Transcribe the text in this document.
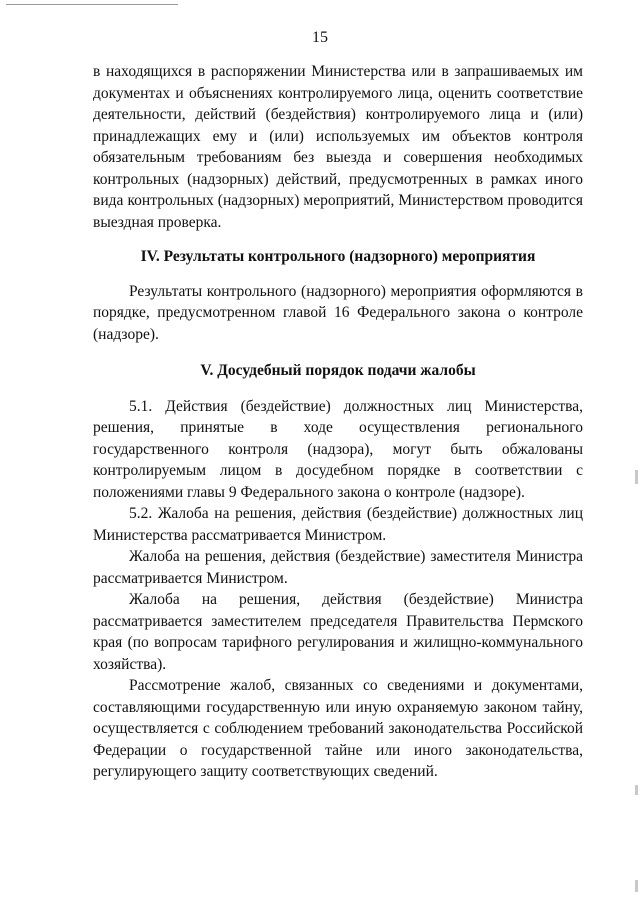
15

в находящихся в распоряжении Министерства или в запрашиваемых им документах и объяснениях контролируемого лица, оценить соответствие деятельности, действий (бездействия) контролируемого лица и (или) принадлежащих ему и (или) используемых им объектов контроля обязательным требованиям без выезда и совершения необходимых контрольных (надзорных) действий, предусмотренных в рамках иного вида контрольных (надзорных) мероприятий, Министерством проводится выездная проверка.

IV. Результаты контрольного (надзорного) мероприятия

Результаты контрольного (надзорного) мероприятия оформляются в порядке, предусмотренном главой 16 Федерального закона о контроле (надзоре).

V. Досудебный порядок подачи жалобы

5.1. Действия (бездействие) должностных лиц Министерства, решения, принятые в ходе осуществления регионального государственного контроля (надзора), могут быть обжалованы контролируемым лицом в досудебном порядке в соответствии с положениями главы 9 Федерального закона о контроле (надзоре).

5.2. Жалоба на решения, действия (бездействие) должностных лиц Министерства рассматривается Министром.

Жалоба на решения, действия (бездействие) заместителя Министра рассматривается Министром.

Жалоба на решения, действия (бездействие) Министра рассматривается заместителем председателя Правительства Пермского края (по вопросам тарифного регулирования и жилищно-коммунального хозяйства).

Рассмотрение жалоб, связанных со сведениями и документами, составляющими государственную или иную охраняемую законом тайну, осуществляется с соблюдением требований законодательства Российской Федерации о государственной тайне или иного законодательства, регулирующего защиту соответствующих сведений.
